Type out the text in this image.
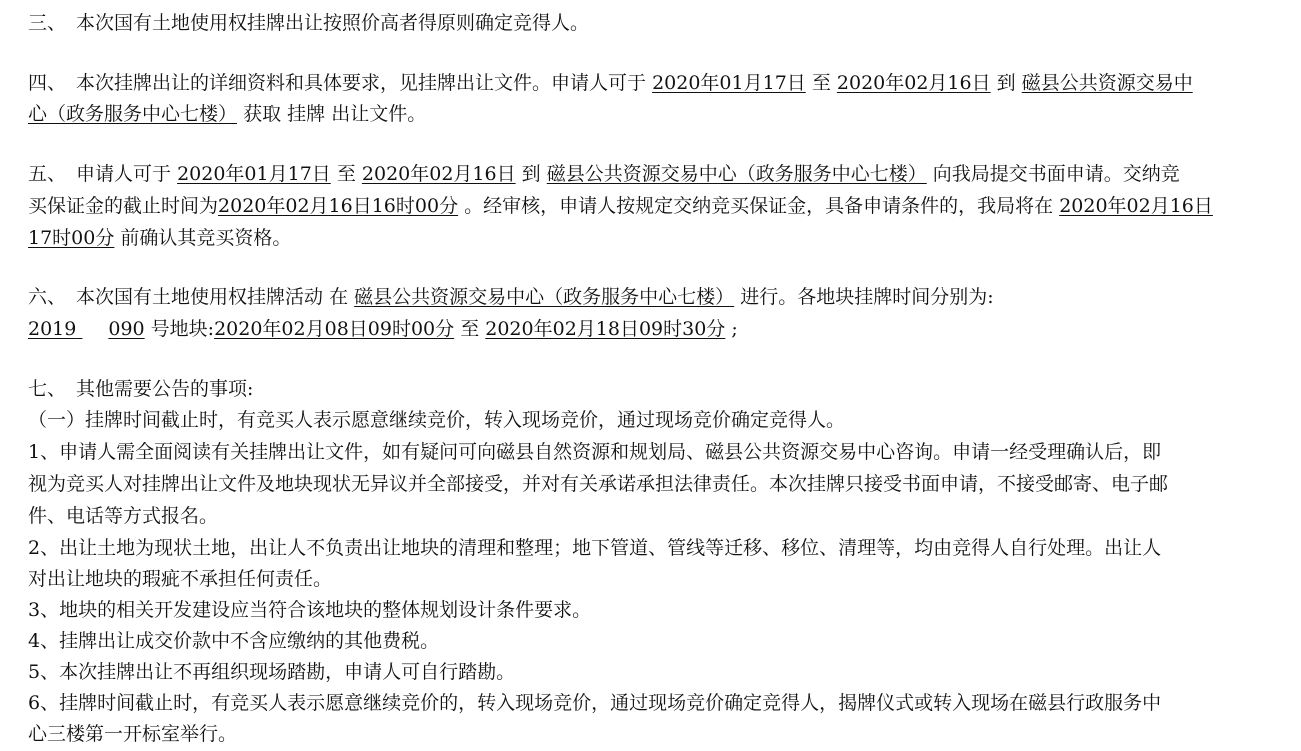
三、 本次国有土地使用权挂牌出让按照价高者得原则确定竞得人。
四、 本次挂牌出让的详细资料和具体要求，见挂牌出让文件。申请人可于 2020年01月17日 至 2020年02月16日 到 磁县公共资源交易中
心（政务服务中心七楼） 获取 挂牌 出让文件。
五、 申请人可于 2020年01月17日 至 2020年02月16日 到 磁县公共资源交易中心（政务服务中心七楼） 向我局提交书面申请。交纳竞
买保证金的截止时间为2020年02月16日16时00分 。经审核，申请人按规定交纳竞买保证金，具备申请条件的，我局将在 2020年02月16日
17时00分 前确认其竞买资格。
六、 本次国有土地使用权挂牌活动 在 磁县公共资源交易中心（政务服务中心七楼） 进行。各地块挂牌时间分别为:
2019 090 号地块:2020年02月08日09时00分 至 2020年02月18日09时30分 ;
七、 其他需要公告的事项:
（一）挂牌时间截止时，有竞买人表示愿意继续竞价，转入现场竞价，通过现场竞价确定竞得人。
1、申请人需全面阅读有关挂牌出让文件，如有疑问可向磁县自然资源和规划局、磁县公共资源交易中心咨询。申请一经受理确认后，即
视为竞买人对挂牌出让文件及地块现状无异议并全部接受，并对有关承诺承担法律责任。本次挂牌只接受书面申请，不接受邮寄、电子邮
件、电话等方式报名。
2、出让土地为现状土地，出让人不负责出让地块的清理和整理；地下管道、管线等迁移、移位、清理等，均由竞得人自行处理。出让人
对出让地块的瑕疵不承担任何责任。
3、地块的相关开发建设应当符合该地块的整体规划设计条件要求。
4、挂牌出让成交价款中不含应缴纳的其他费税。
5、本次挂牌出让不再组织现场踏勘，申请人可自行踏勘。
6、挂牌时间截止时，有竞买人表示愿意继续竞价的，转入现场竞价，通过现场竞价确定竞得人，揭牌仪式或转入现场在磁县行政服务中
心三楼第一开标室举行。
